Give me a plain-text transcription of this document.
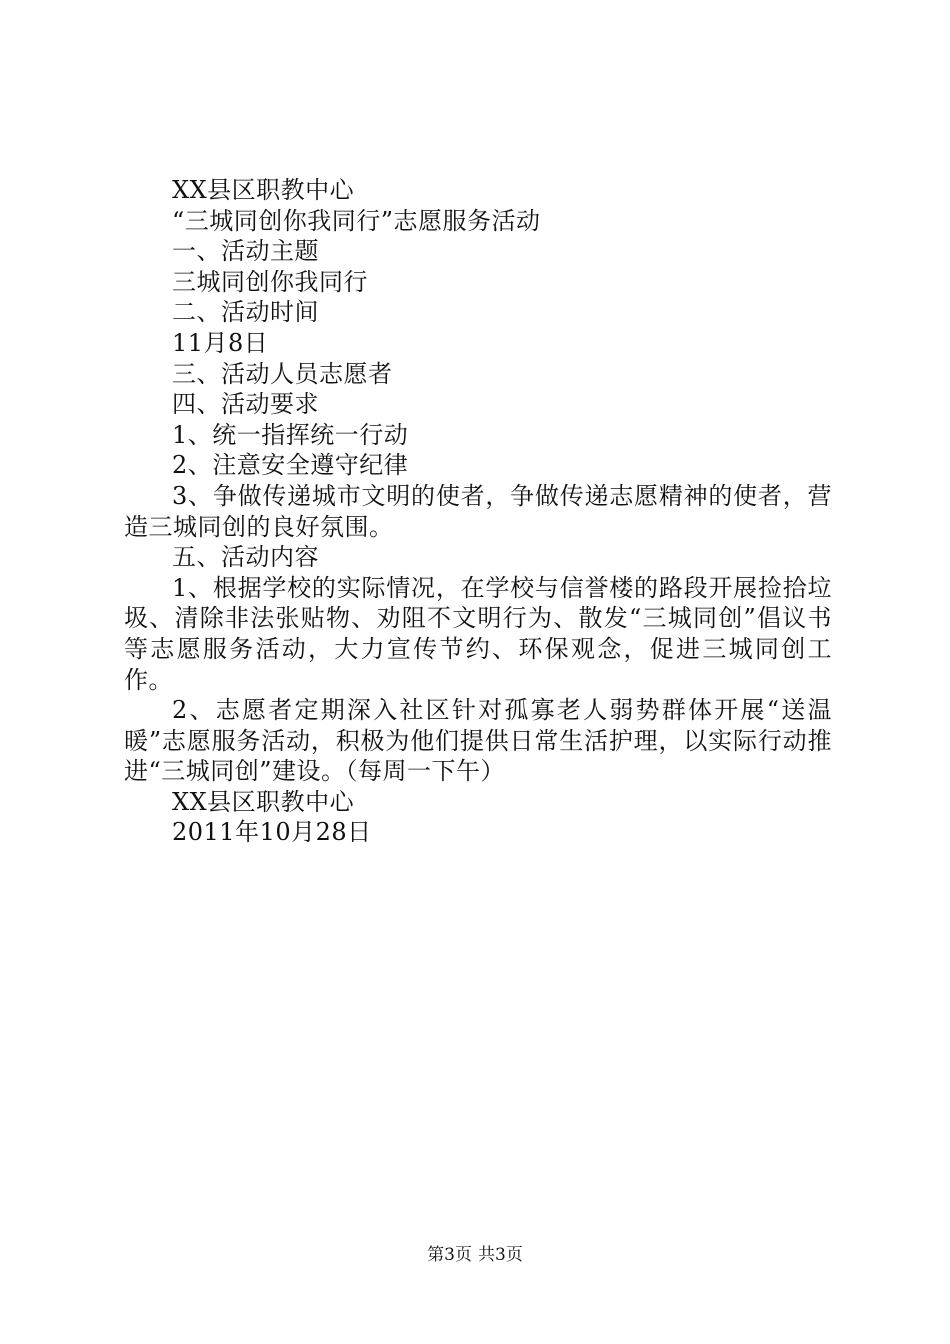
XX县区职教中心

“三城同创你我同行”志愿服务活动

一、活动主题

三城同创你我同行

二、活动时间

11月8日

三、活动人员志愿者

四、活动要求

1、统一指挥统一行动

2、注意安全遵守纪律

3、争做传递城市文明的使者，争做传递志愿精神的使者，营造三城同创的良好氛围。

五、活动内容

1、根据学校的实际情况，在学校与信誉楼的路段开展捡拾垃圾、清除非法张贴物、劝阻不文明行为、散发“三城同创”倡议书等志愿服务活动，大力宣传节约、环保观念，促进三城同创工作。

2、志愿者定期深入社区针对孤寡老人弱势群体开展“送温暖”志愿服务活动，积极为他们提供日常生活护理，以实际行动推进“三城同创”建设。（每周一下午）

XX县区职教中心

2011年10月28日

第3页 共3页
